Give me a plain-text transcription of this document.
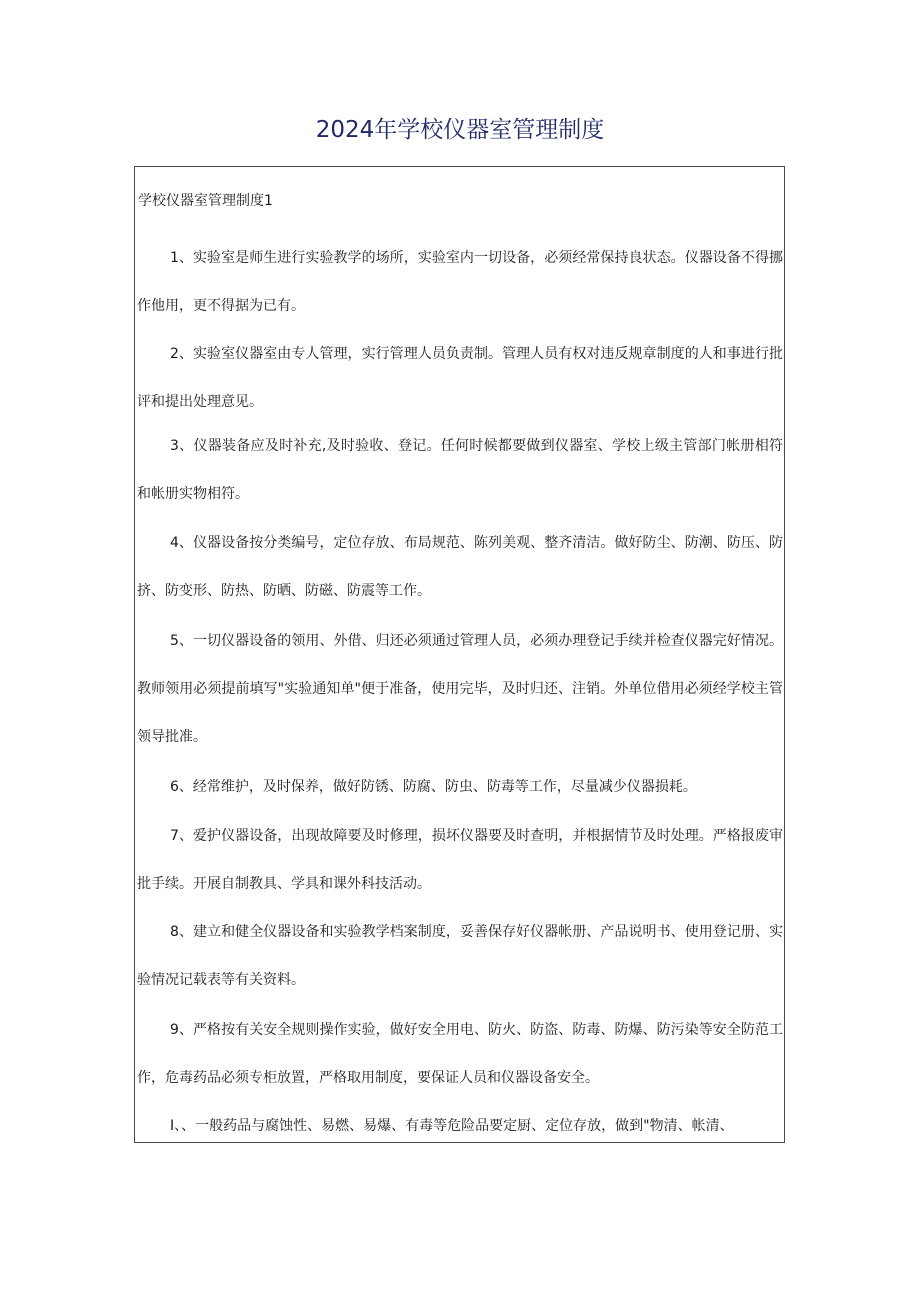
2024年学校仪器室管理制度
学校仪器室管理制度1
1、实验室是师生进行实验教学的场所，实验室内一切设备，必须经常保持良状态。仪器设备不得挪作他用，更不得据为已有。
2、实验室仪器室由专人管理，实行管理人员负责制。管理人员有权对违反规章制度的人和事进行批评和提出处理意见。
3、仪器装备应及时补充,及时验收、登记。任何时候都要做到仪器室、学校上级主管部门帐册相符和帐册实物相符。
4、仪器设备按分类编号，定位存放、布局规范、陈列美观、整齐清洁。做好防尘、防潮、防压、防挤、防变形、防热、防晒、防磁、防震等工作。
5、一切仪器设备的领用、外借、归还必须通过管理人员，必须办理登记手续并检查仪器完好情况。教师领用必须提前填写"实验通知单"便于准备，使用完毕，及时归还、注销。外单位借用必须经学校主管领导批准。
6、经常维护，及时保养，做好防锈、防腐、防虫、防毒等工作，尽量减少仪器损耗。
7、爱护仪器设备，出现故障要及时修理，损坏仪器要及时查明，并根据情节及时处理。严格报废审批手续。开展自制教具、学具和课外科技活动。
8、建立和健全仪器设备和实验教学档案制度，妥善保存好仪器帐册、产品说明书、使用登记册、实验情况记载表等有关资料。
9、严格按有关安全规则操作实验，做好安全用电、防火、防盗、防毒、防爆、防污染等安全防范工作，危毒药品必须专柜放置，严格取用制度，要保证人员和仪器设备安全。
I、、一般药品与腐蚀性、易燃、易爆、有毒等危险品要定厨、定位存放，做到"物清、帐清、
